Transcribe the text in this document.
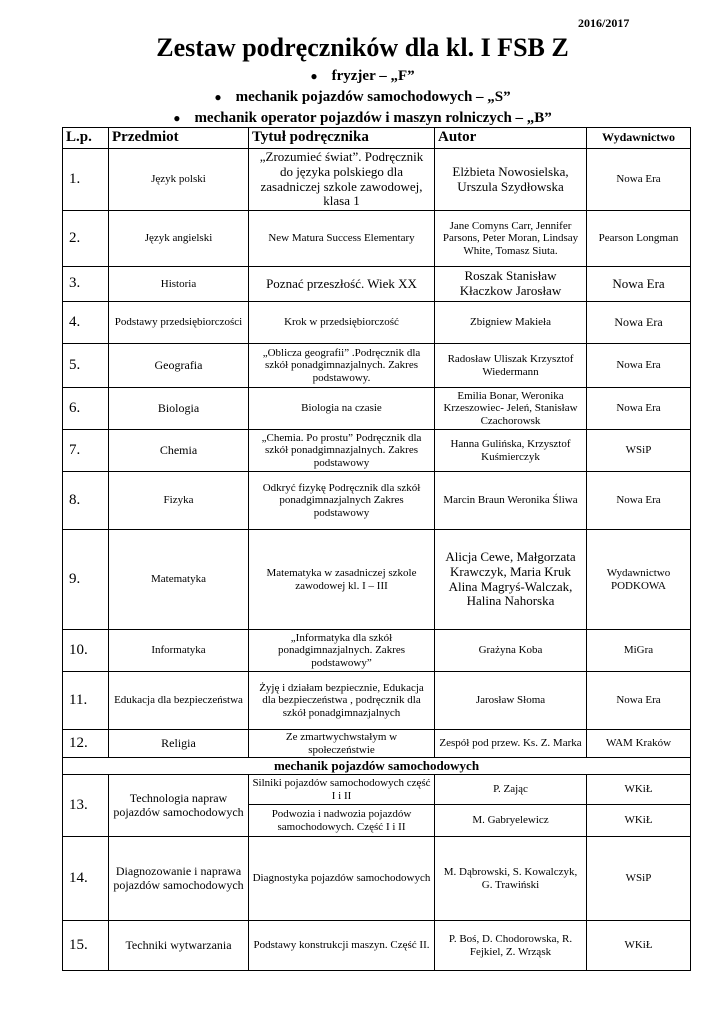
2016/2017
Zestaw podręczników dla kl. I FSB Z
● fryzjer – „F”
● mechanik pojazdów samochodowych – „S”
● mechanik operator pojazdów i maszyn rolniczych – „B”
L.p.	Przedmiot	Tytuł podręcznika	Autor	Wydawnictwo
1.	Język polski	„Zrozumieć świat”. Podręcznik do języka polskiego dla zasadniczej szkole zawodowej, klasa 1	Elżbieta Nowosielska, Urszula Szydłowska	Nowa Era
2.	Język angielski	New Matura Success Elementary	Jane Comyns Carr, Jennifer Parsons, Peter Moran, Lindsay White, Tomasz Siuta.	Pearson Longman
3.	Historia	Poznać przeszłość. Wiek XX	Roszak Stanisław Kłaczkow Jarosław	Nowa Era
4.	Podstawy przedsiębiorczości	Krok w przedsiębiorczość	Zbigniew Makieła	Nowa Era
5.	Geografia	„Oblicza geografii” .Podręcznik dla szkół ponadgimnazjalnych. Zakres podstawowy.	Radosław Uliszak Krzysztof Wiedermann	Nowa Era
6.	Biologia	Biologia na czasie	Emilia Bonar, Weronika Krzeszowiec- Jeleń, Stanisław Czachorowsk	Nowa Era
7.	Chemia	„Chemia. Po prostu” Podręcznik dla szkół ponadgimnazjalnych. Zakres podstawowy	Hanna Gulińska, Krzysztof Kuśmierczyk	WSiP
8.	Fizyka	Odkryć fizykę Podręcznik dla szkół ponadgimnazjalnych Zakres podstawowy	Marcin Braun Weronika Śliwa	Nowa Era
9.	Matematyka	Matematyka w zasadniczej szkole zawodowej kl. I – III	Alicja Cewe, Małgorzata Krawczyk, Maria Kruk Alina Magryś-Walczak, Halina Nahorska	Wydawnictwo PODKOWA
10.	Informatyka	„Informatyka dla szkół ponadgimnazjalnych. Zakres podstawowy”	Grażyna Koba	MiGra
11.	Edukacja dla bezpieczeństwa	Żyję i działam bezpiecznie, Edukacja dla bezpieczeństwa , podręcznik dla szkół ponadgimnazjalnych	Jarosław Słoma	Nowa Era
12.	Religia	Ze zmartwychwstałym w społeczeństwie	Zespół pod przew. Ks. Z. Marka	WAM Kraków
mechanik pojazdów samochodowych				
13.	Technologia napraw pojazdów samochodowych	Silniki pojazdów samochodowych część I i II	P. Zając	WKiŁ
		Podwozia i nadwozia pojazdów samochodowych. Część I i II	M. Gabryelewicz	WKiŁ
14.	Diagnozowanie i naprawa pojazdów samochodowych	Diagnostyka pojazdów samochodowych	M. Dąbrowski, S. Kowalczyk, G. Trawiński	WSiP
15.	Techniki wytwarzania	Podstawy konstrukcji maszyn. Część II.	P. Boś, D. Chodorowska, R. Fejkiel, Z. Wrząsk	WKiŁ
